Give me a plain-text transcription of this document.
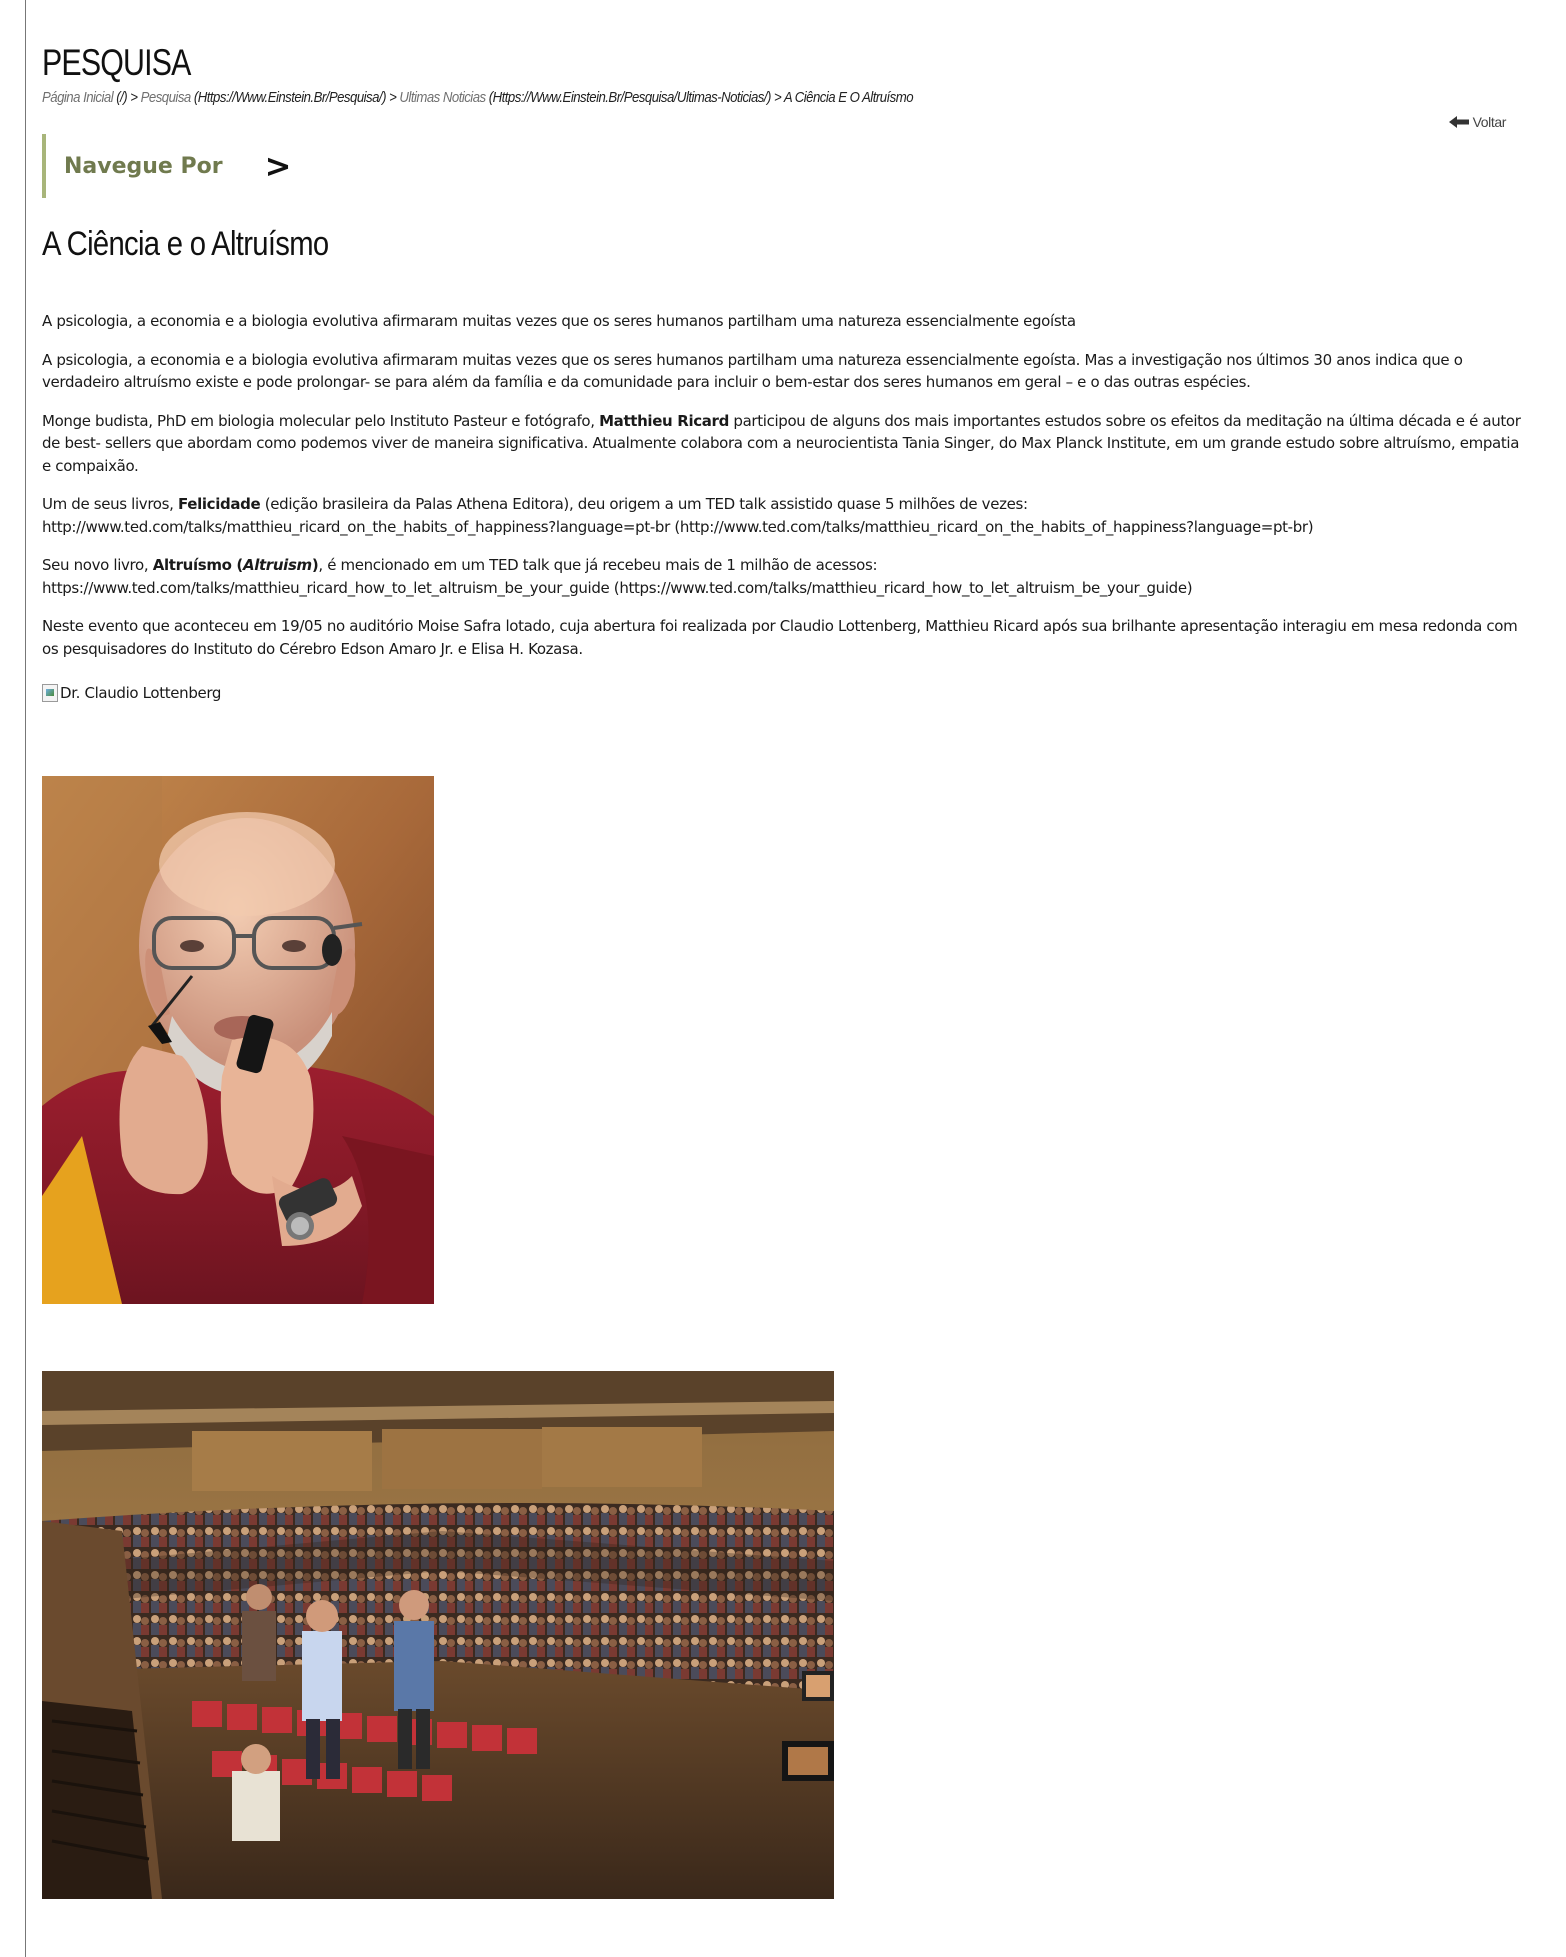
PESQUISA
Página Inicial (/) > Pesquisa (Https://Www.Einstein.Br/Pesquisa/) > Ultimas Noticias (Https://Www.Einstein.Br/Pesquisa/Ultimas-Noticias/) > A Ciência E O Altruísmo
Voltar
Navegue Por >
A Ciência e o Altruísmo

A psicologia, a economia e a biologia evolutiva afirmaram muitas vezes que os seres humanos partilham uma natureza essencialmente egoísta

A psicologia, a economia e a biologia evolutiva afirmaram muitas vezes que os seres humanos partilham uma natureza essencialmente egoísta. Mas a investigação nos últimos 30 anos indica que o verdadeiro altruísmo existe e pode prolongar- se para além da família e da comunidade para incluir o bem-estar dos seres humanos em geral – e o das outras espécies.

Monge budista, PhD em biologia molecular pelo Instituto Pasteur e fotógrafo, Matthieu Ricard participou de alguns dos mais importantes estudos sobre os efeitos da meditação na última década e é autor de best- sellers que abordam como podemos viver de maneira significativa. Atualmente colabora com a neurocientista Tania Singer, do Max Planck Institute, em um grande estudo sobre altruísmo, empatia e compaixão.

Um de seus livros, Felicidade (edição brasileira da Palas Athena Editora), deu origem a um TED talk assistido quase 5 milhões de vezes:
http://www.ted.com/talks/matthieu_ricard_on_the_habits_of_happiness?language=pt-br (http://www.ted.com/talks/matthieu_ricard_on_the_habits_of_happiness?language=pt-br)

Seu novo livro, Altruísmo (Altruism), é mencionado em um TED talk que já recebeu mais de 1 milhão de acessos:
https://www.ted.com/talks/matthieu_ricard_how_to_let_altruism_be_your_guide (https://www.ted.com/talks/matthieu_ricard_how_to_let_altruism_be_your_guide)

Neste evento que aconteceu em 19/05 no auditório Moise Safra lotado, cuja abertura foi realizada por Claudio Lottenberg, Matthieu Ricard após sua brilhante apresentação interagiu em mesa redonda com os pesquisadores do Instituto do Cérebro Edson Amaro Jr. e Elisa H. Kozasa.

Dr. Claudio Lottenberg
